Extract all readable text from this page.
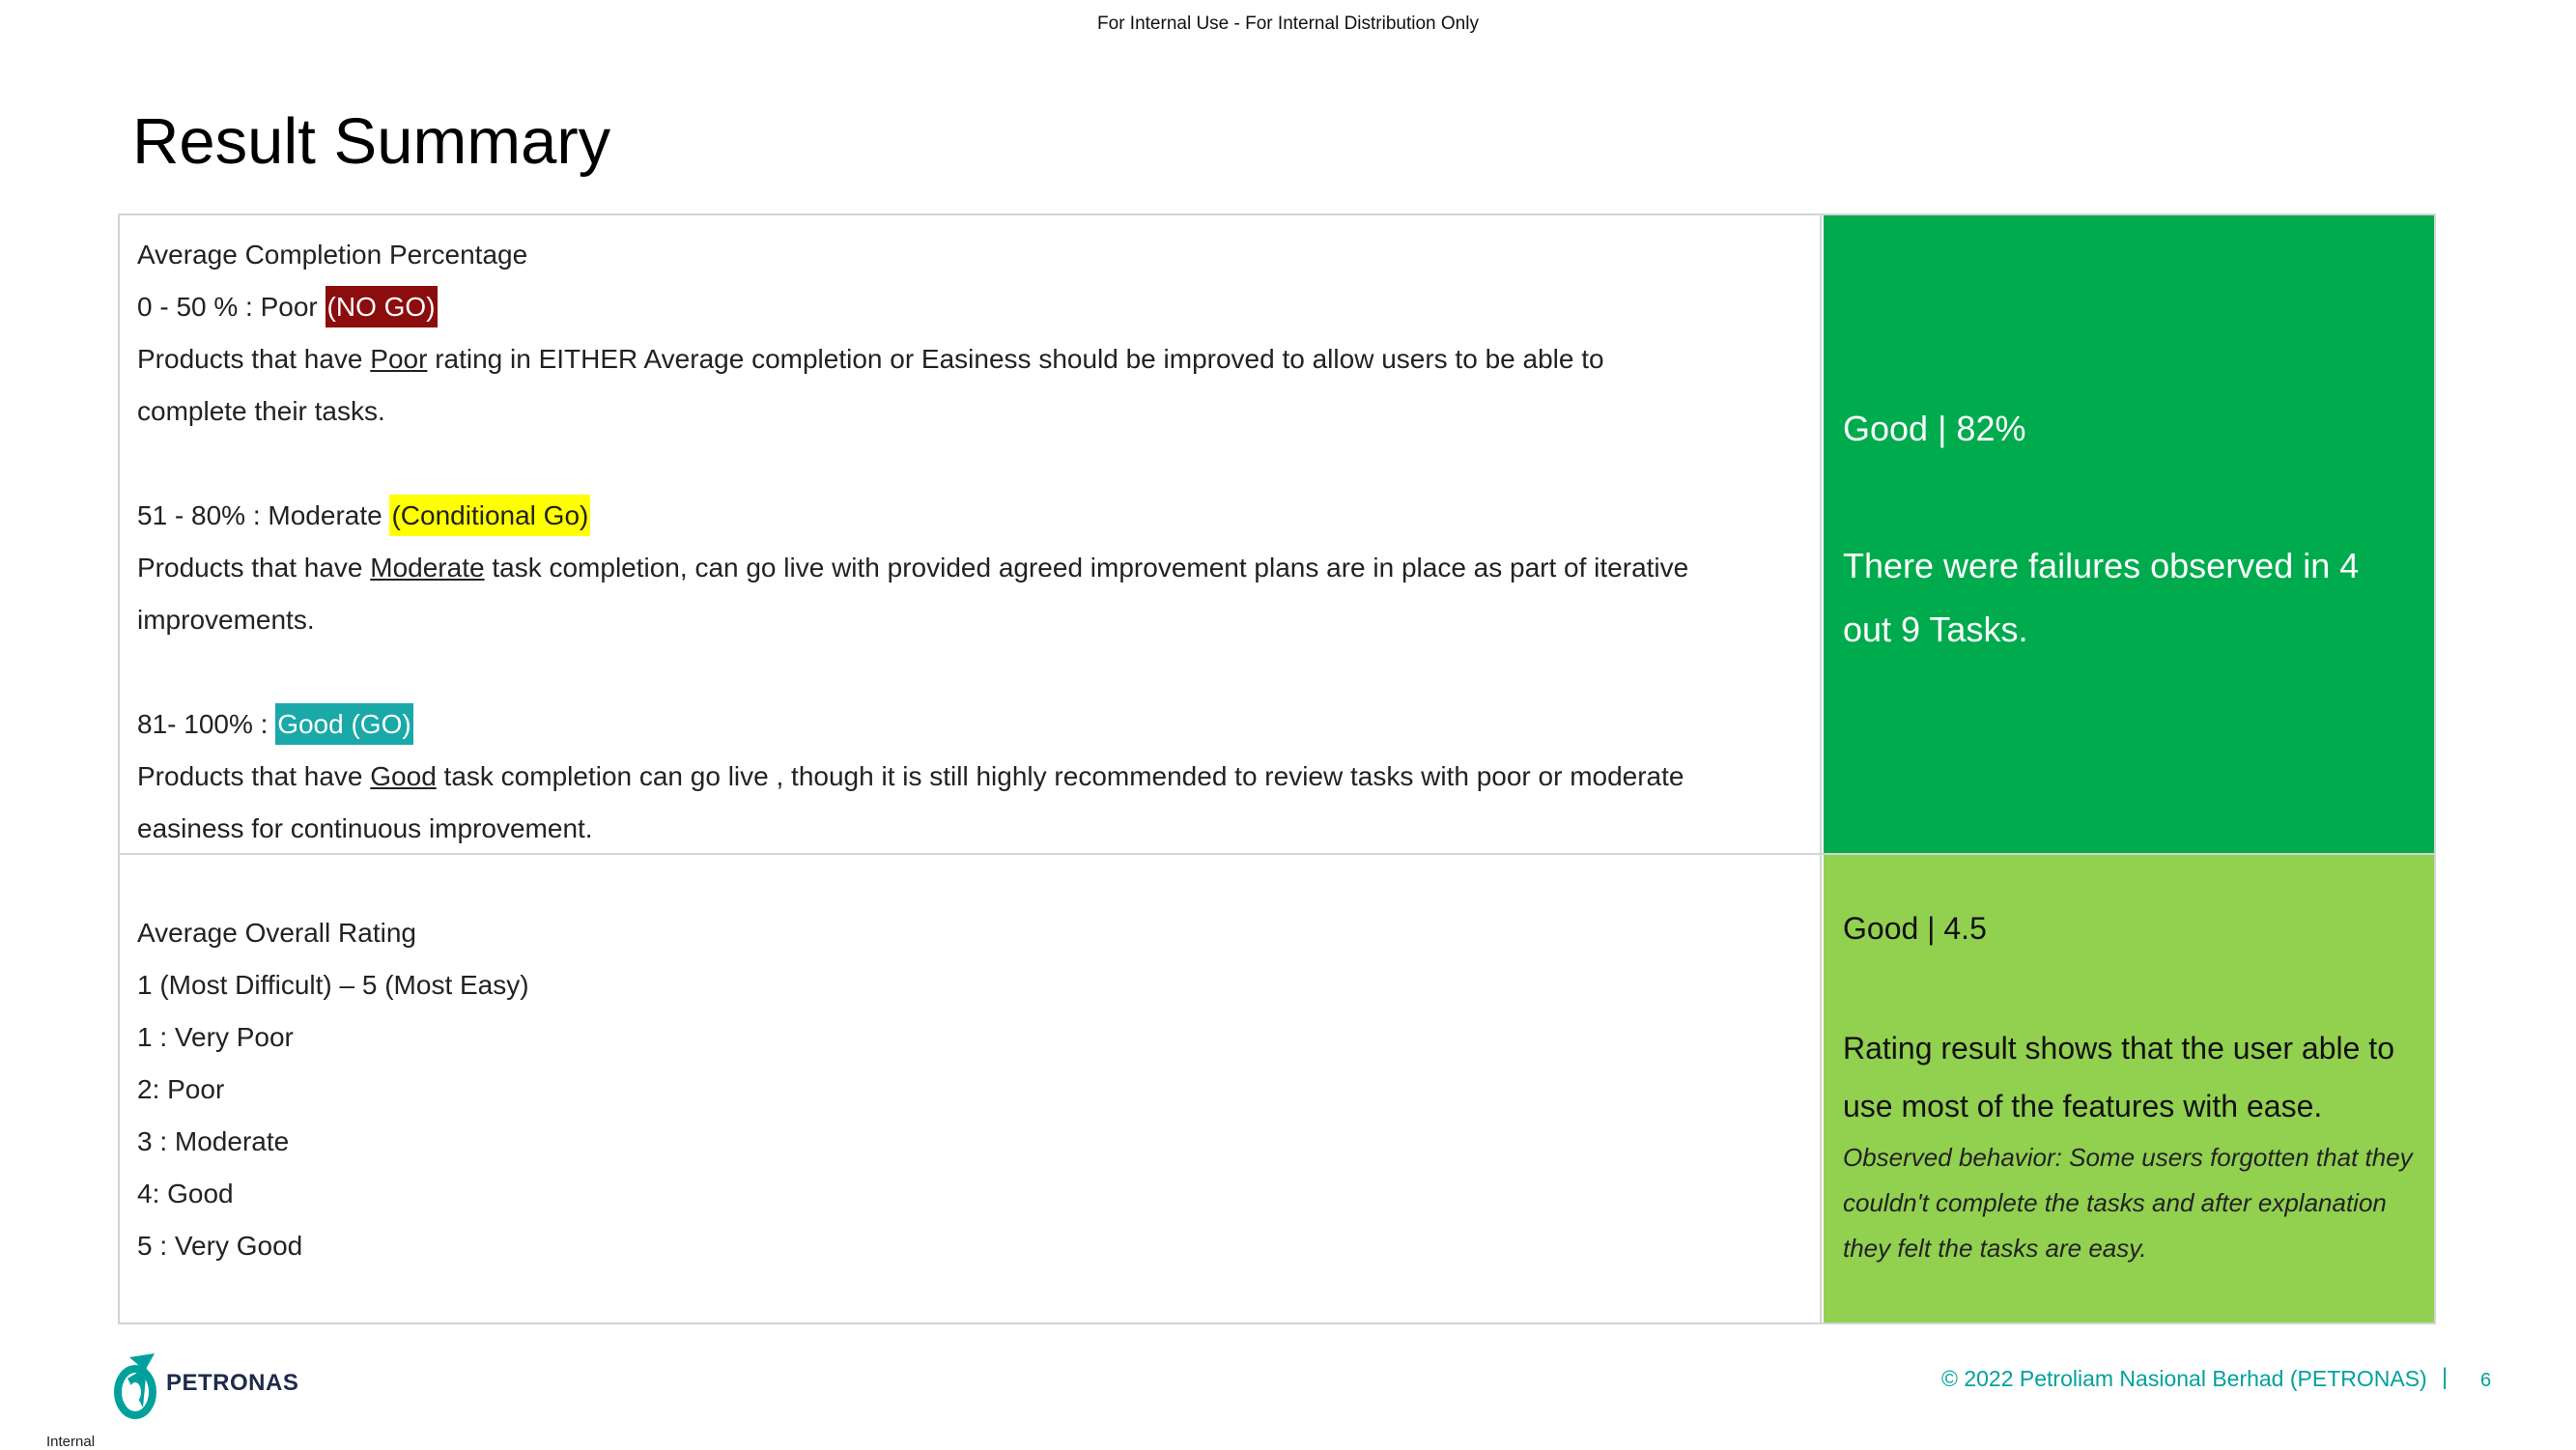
For Internal Use - For Internal Distribution Only
Result Summary
Average Completion Percentage
0 - 50 % : Poor (NO GO)
Products that have Poor rating in EITHER Average completion or Easiness should be improved to allow users to be able to
complete their tasks.
51 - 80% : Moderate (Conditional Go)
Products that have Moderate task completion, can go live with provided agreed improvement plans are in place as part of iterative
improvements.
81- 100% : Good (GO)
Products that have Good task completion can go live , though it is still highly recommended to review tasks with poor or moderate
easiness for continuous improvement.
Good | 82%
There were failures observed in 4 out 9 Tasks.
Average Overall Rating
1 (Most Difficult) – 5 (Most Easy)
1 : Very Poor
2: Poor
3 : Moderate
4: Good
5 : Very Good
Good | 4.5
Rating result shows that the user able to use most of the features with ease.
Observed behavior: Some users forgotten that they couldn't complete the tasks and after explanation they felt the tasks are easy.
PETRONAS	© 2022 Petroliam Nasional Berhad (PETRONAS) | 6
Internal
